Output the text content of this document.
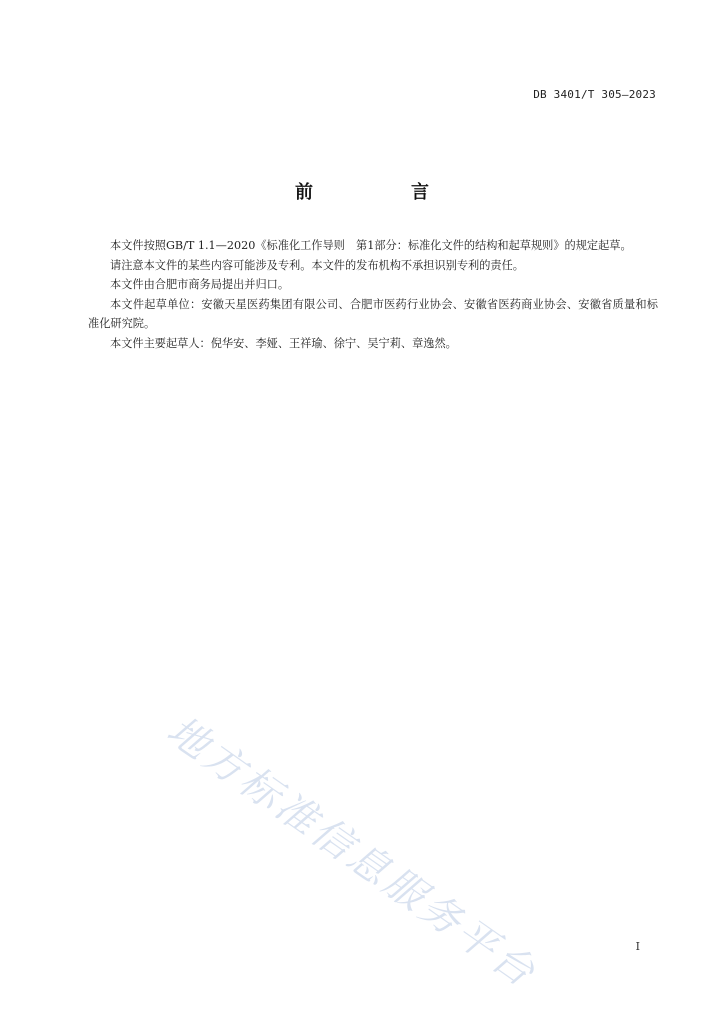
DB 3401/T 305—2023
前　言

本文件按照GB/T 1.1—2020《标准化工作导则　第1部分：标准化文件的结构和起草规则》的规定起草。

请注意本文件的某些内容可能涉及专利。本文件的发布机构不承担识别专利的责任。

本文件由合肥市商务局提出并归口。

本文件起草单位：安徽天星医药集团有限公司、合肥市医药行业协会、安徽省医药商业协会、安徽省质量和标准化研究院。

本文件主要起草人：倪华安、李娅、王祥瑜、徐宁、吴宁莉、章逸然。

地方标准信息服务平台	I
